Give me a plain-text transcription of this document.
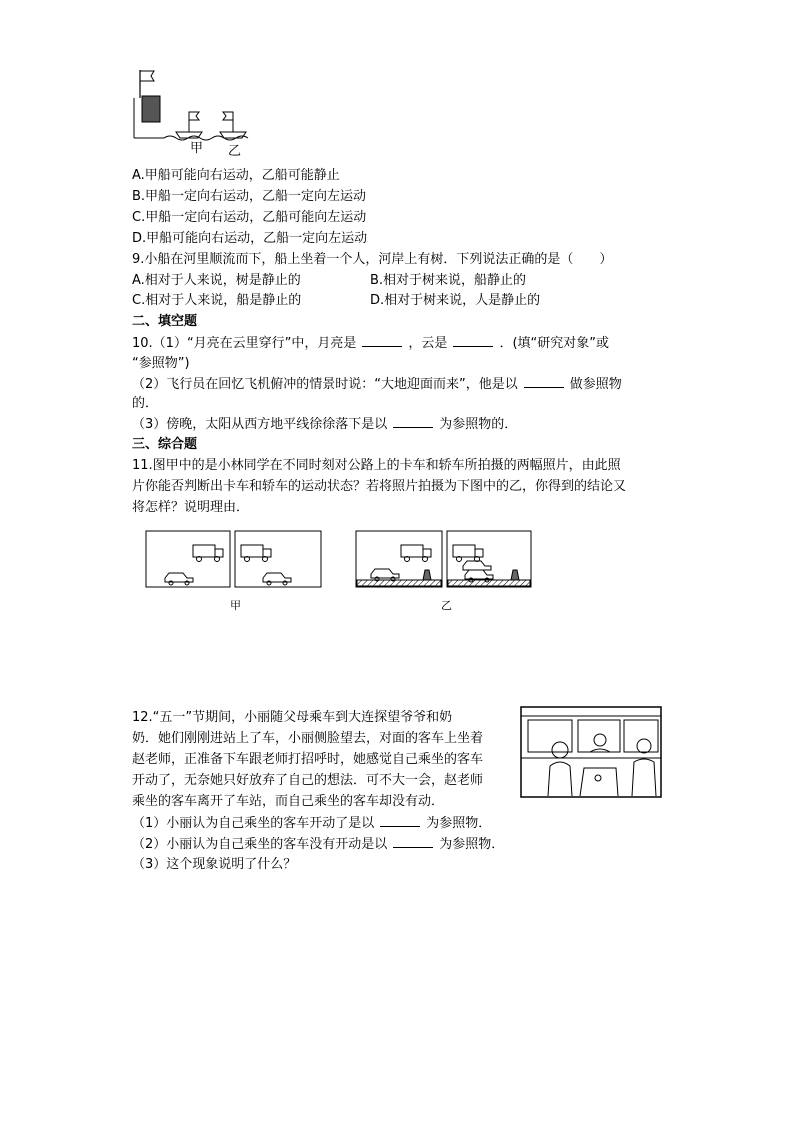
甲 乙
A.甲船可能向右运动，乙船可能静止
B.甲船一定向右运动，乙船一定向左运动
C.甲船一定向右运动，乙船可能向左运动
D.甲船可能向右运动，乙船一定向左运动
9.小船在河里顺流而下，船上坐着一个人，河岸上有树．下列说法正确的是（　　）
A.相对于人来说，树是静止的	B.相对于树来说，船静止的
C.相对于人来说，船是静止的	D.相对于树来说，人是静止的
二、填空题
10.（1）“月亮在云里穿行”中，月亮是	，云是	．(填“研究对象”或
“参照物”)
（2）飞行员在回忆飞机俯冲的情景时说：“大地迎面而来”，他是以	做参照物
的．
（3）傍晚，太阳从西方地平线徐徐落下是以	为参照物的．
三、综合题
11.图甲中的是小林同学在不同时刻对公路上的卡车和轿车所拍摄的两幅照片，由此照
片你能否判断出卡车和轿车的运动状态？若将照片拍摄为下图中的乙，你得到的结论又
将怎样？说明理由．
甲	乙
12.“五一”节期间，小丽随父母乘车到大连探望爷爷和奶
奶．她们刚刚进站上了车，小丽侧脸望去，对面的客车上坐着
赵老师，正准备下车跟老师打招呼时，她感觉自己乘坐的客车
开动了，无奈她只好放弃了自己的想法．可不大一会，赵老师
乘坐的客车离开了车站，而自己乘坐的客车却没有动．
（1）小丽认为自己乘坐的客车开动了是以	为参照物．
（2）小丽认为自己乘坐的客车没有开动是以	为参照物．
（3）这个现象说明了什么？
